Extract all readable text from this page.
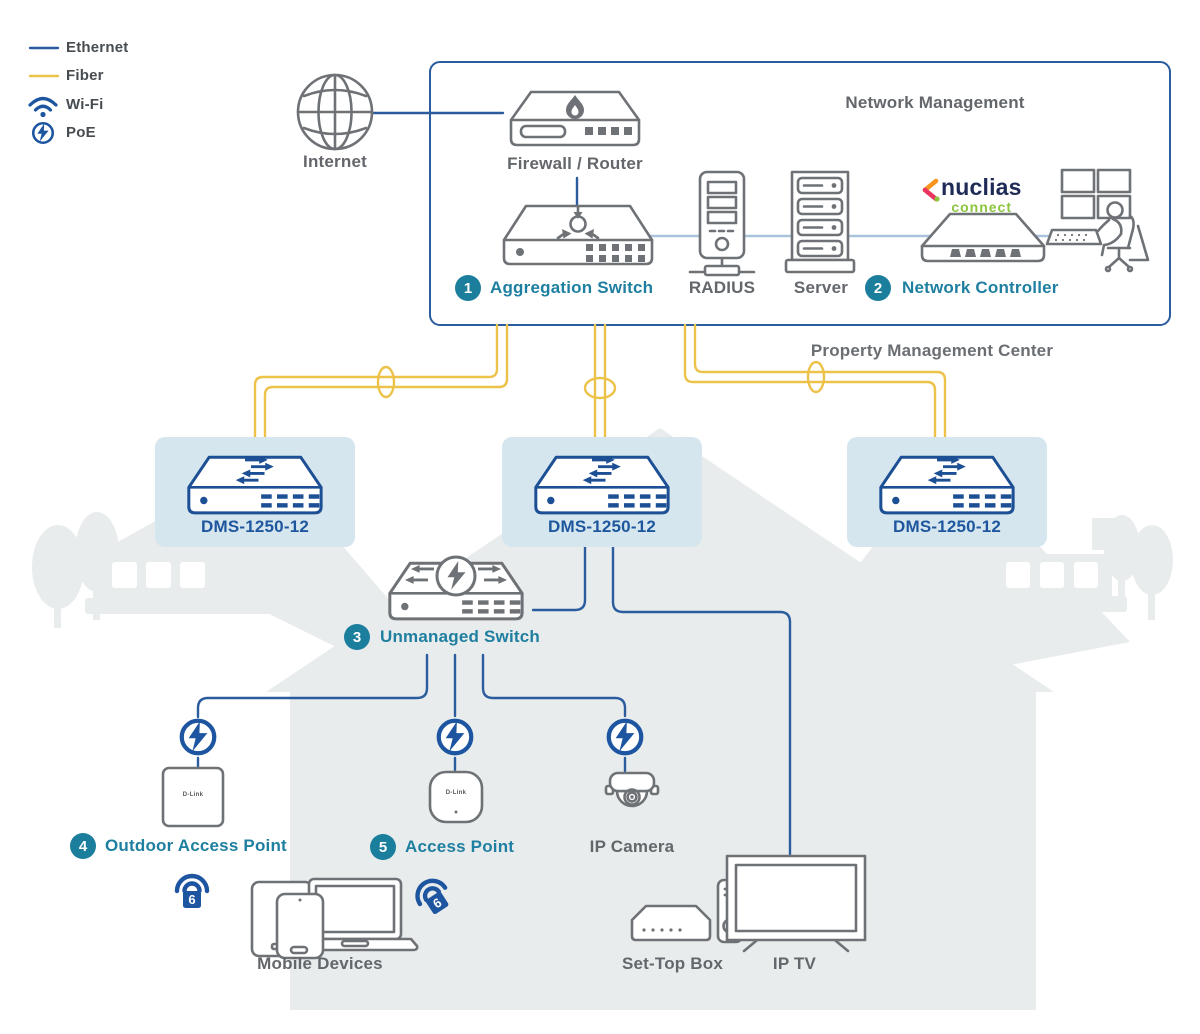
6	6
Ethernet
Fiber
Wi-Fi
PoE
Internet
Network Management
Firewall / Router
1	Aggregation Switch	RADIUS	Server	2	Network Controller
nuclias
connect
Property Management Center
DMS-1250-12	DMS-1250-12	DMS-1250-12
3	Unmanaged Switch
4	Outdoor Access Point	5	Access Point	IP Camera
D-Link	D-Link
Mobile Devices	Set-Top Box	IP TV
